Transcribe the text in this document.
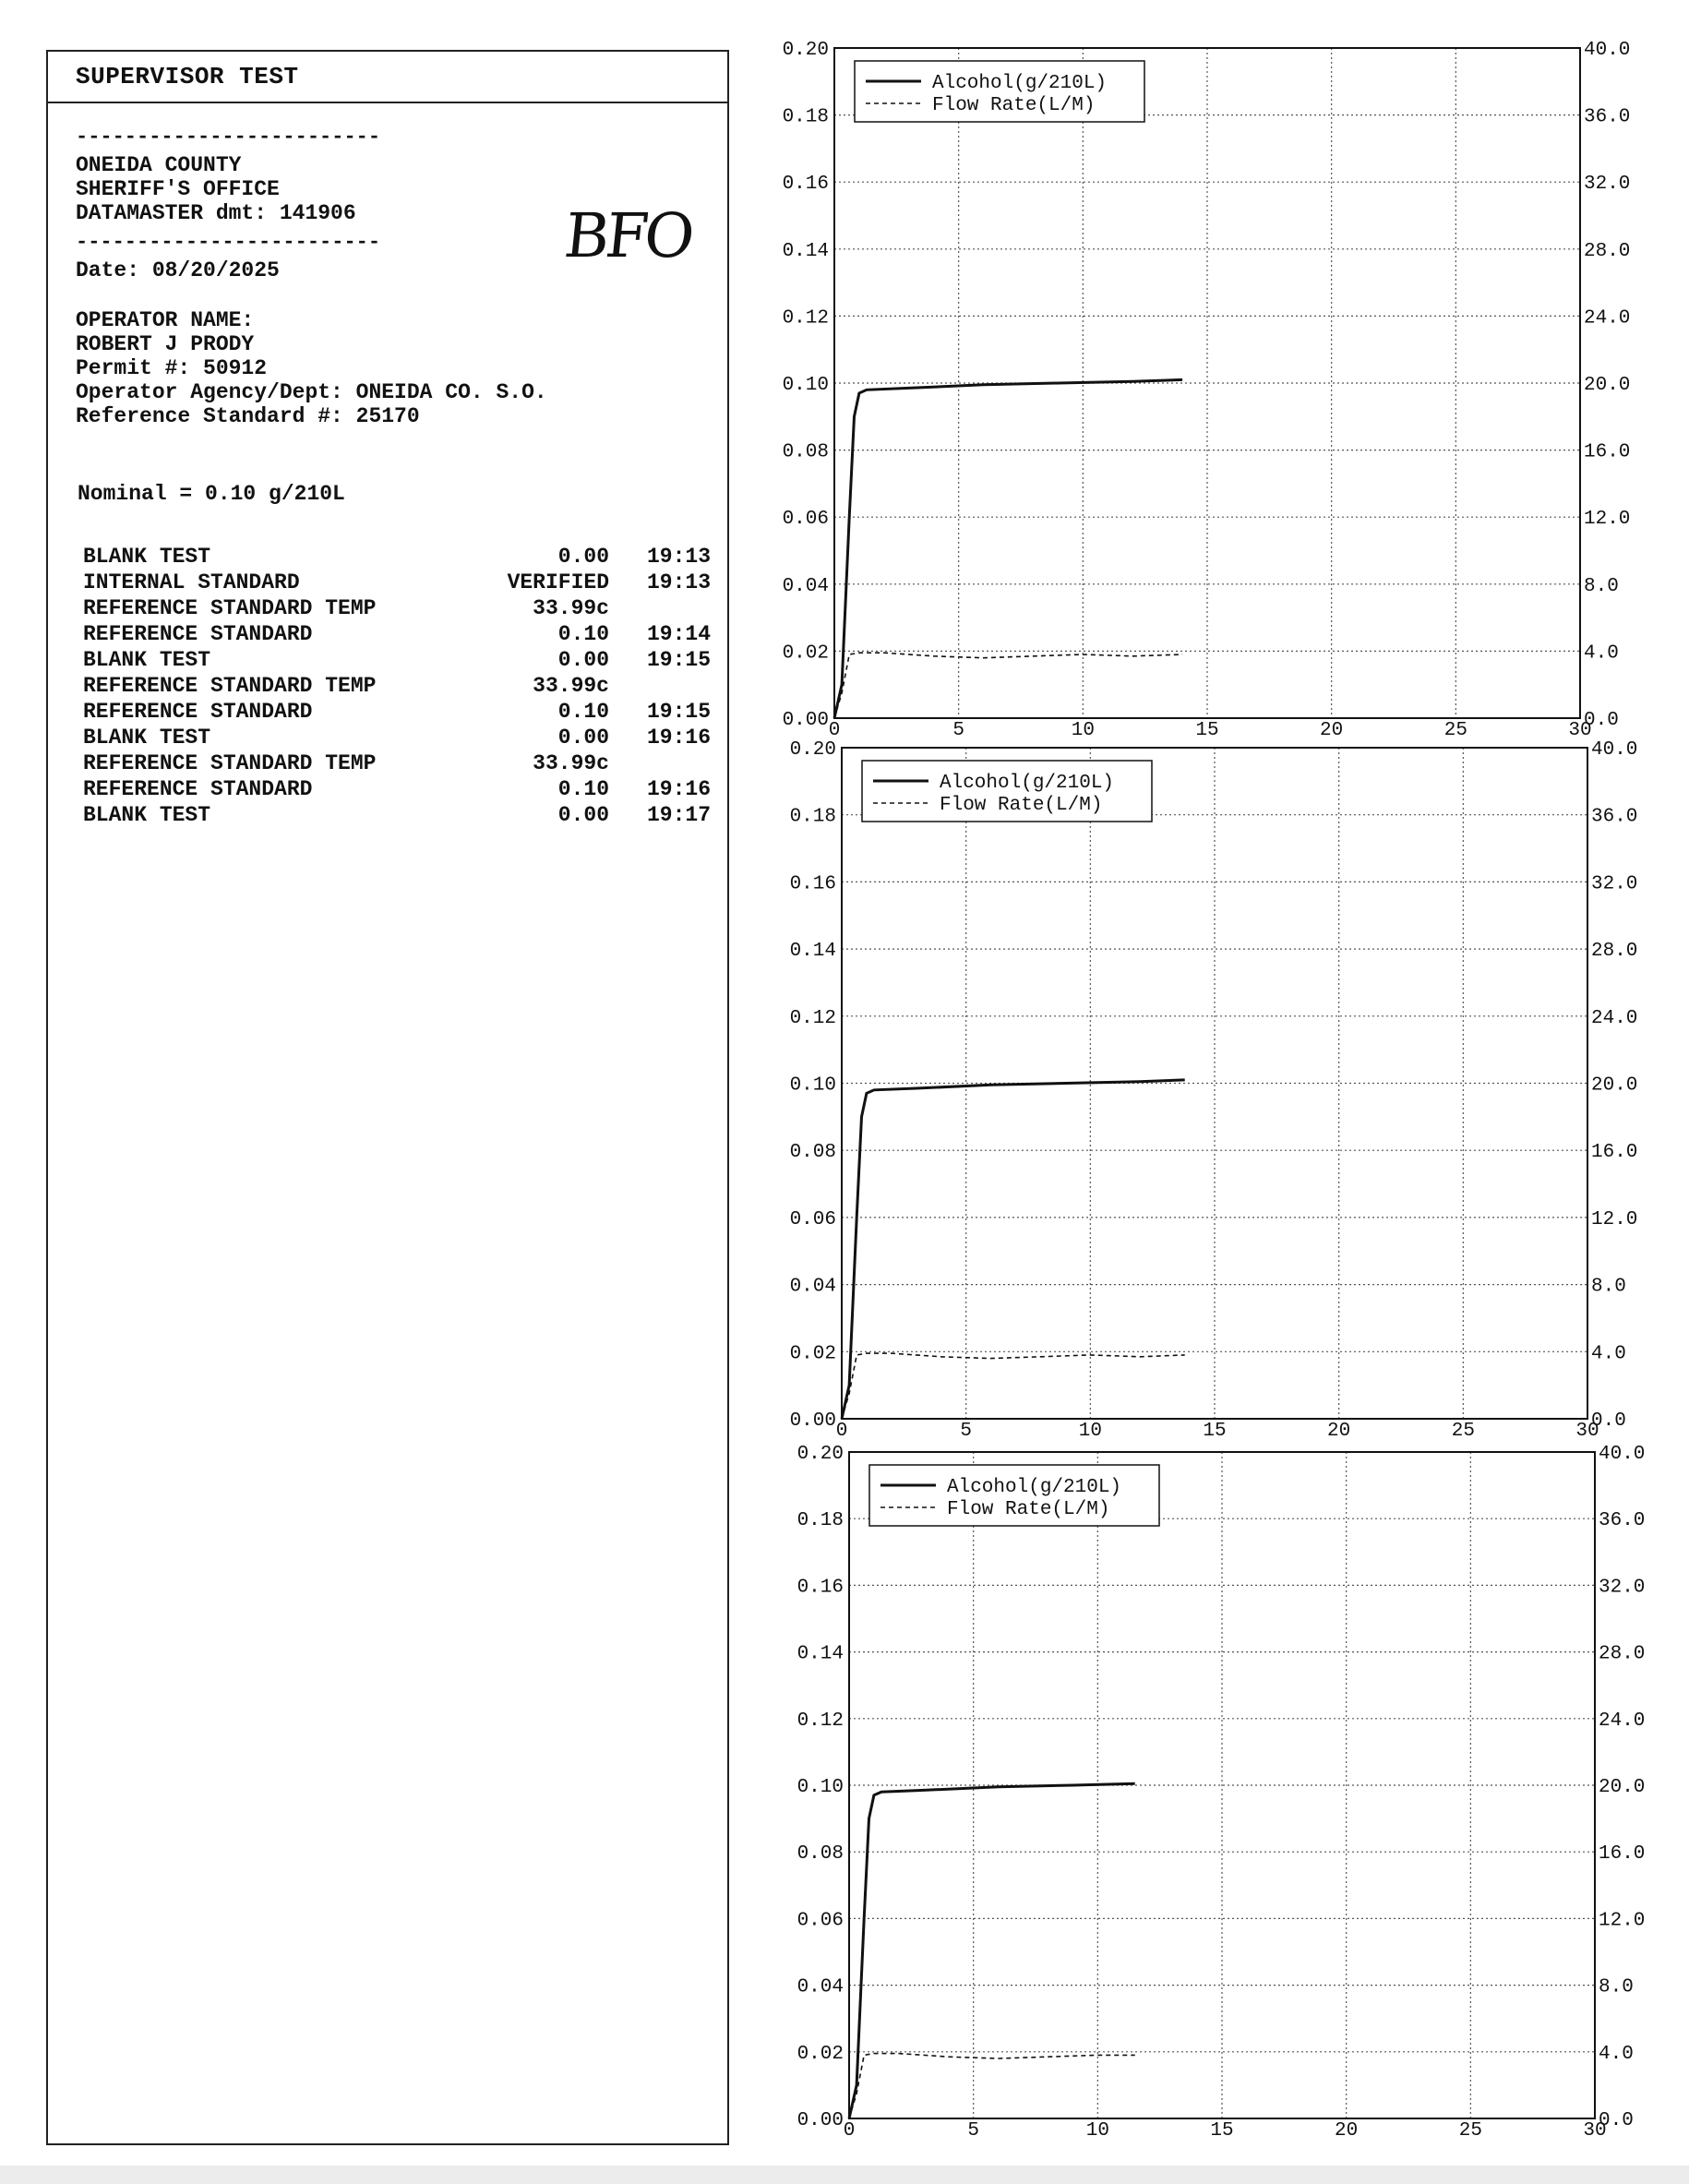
SUPERVISOR TEST
-------------------------
ONEIDA COUNTY
SHERIFF'S OFFICE
DATAMASTER dmt: 141906
-------------------------	BFO
Date: 08/20/2025
OPERATOR NAME:
ROBERT J PRODY
Permit #: 50912
Operator Agency/Dept: ONEIDA CO. S.O.
Reference Standard #: 25170
Nominal = 0.10 g/210L
BLANK TEST	0.00 19:13
INTERNAL STANDARD	VERIFIED 19:13
REFERENCE STANDARD TEMP	33.99c
REFERENCE STANDARD	0.10 19:14
BLANK TEST	0.00 19:15
REFERENCE STANDARD TEMP	33.99c
REFERENCE STANDARD	0.10 19:15
BLANK TEST	0.00 19:16
REFERENCE STANDARD TEMP	33.99c
REFERENCE STANDARD	0.10 19:16
BLANK TEST	0.00 19:17
0	5	10	15	20	25	30
0.00
0.02
0.04
0.06
0.08
0.10
0.12
0.14
0.16
0.18
0.20
0.0
4.0
8.0
12.0
16.0
20.0
24.0
28.0
32.0
36.0
40.0
Alcohol(g/210L)
Flow Rate(L/M)
0	5	10	15	20	25	30
0.00
0.02
0.04
0.06
0.08
0.10
0.12
0.14
0.16
0.18
0.20
0.0
4.0
8.0
12.0
16.0
20.0
24.0
28.0
32.0
36.0
40.0
Alcohol(g/210L)
Flow Rate(L/M)
0	5	10	15	20	25	30
0.00
0.02
0.04
0.06
0.08
0.10
0.12
0.14
0.16
0.18
0.20
0.0
4.0
8.0
12.0
16.0
20.0
24.0
28.0
32.0
36.0
40.0
Alcohol(g/210L)
Flow Rate(L/M)
